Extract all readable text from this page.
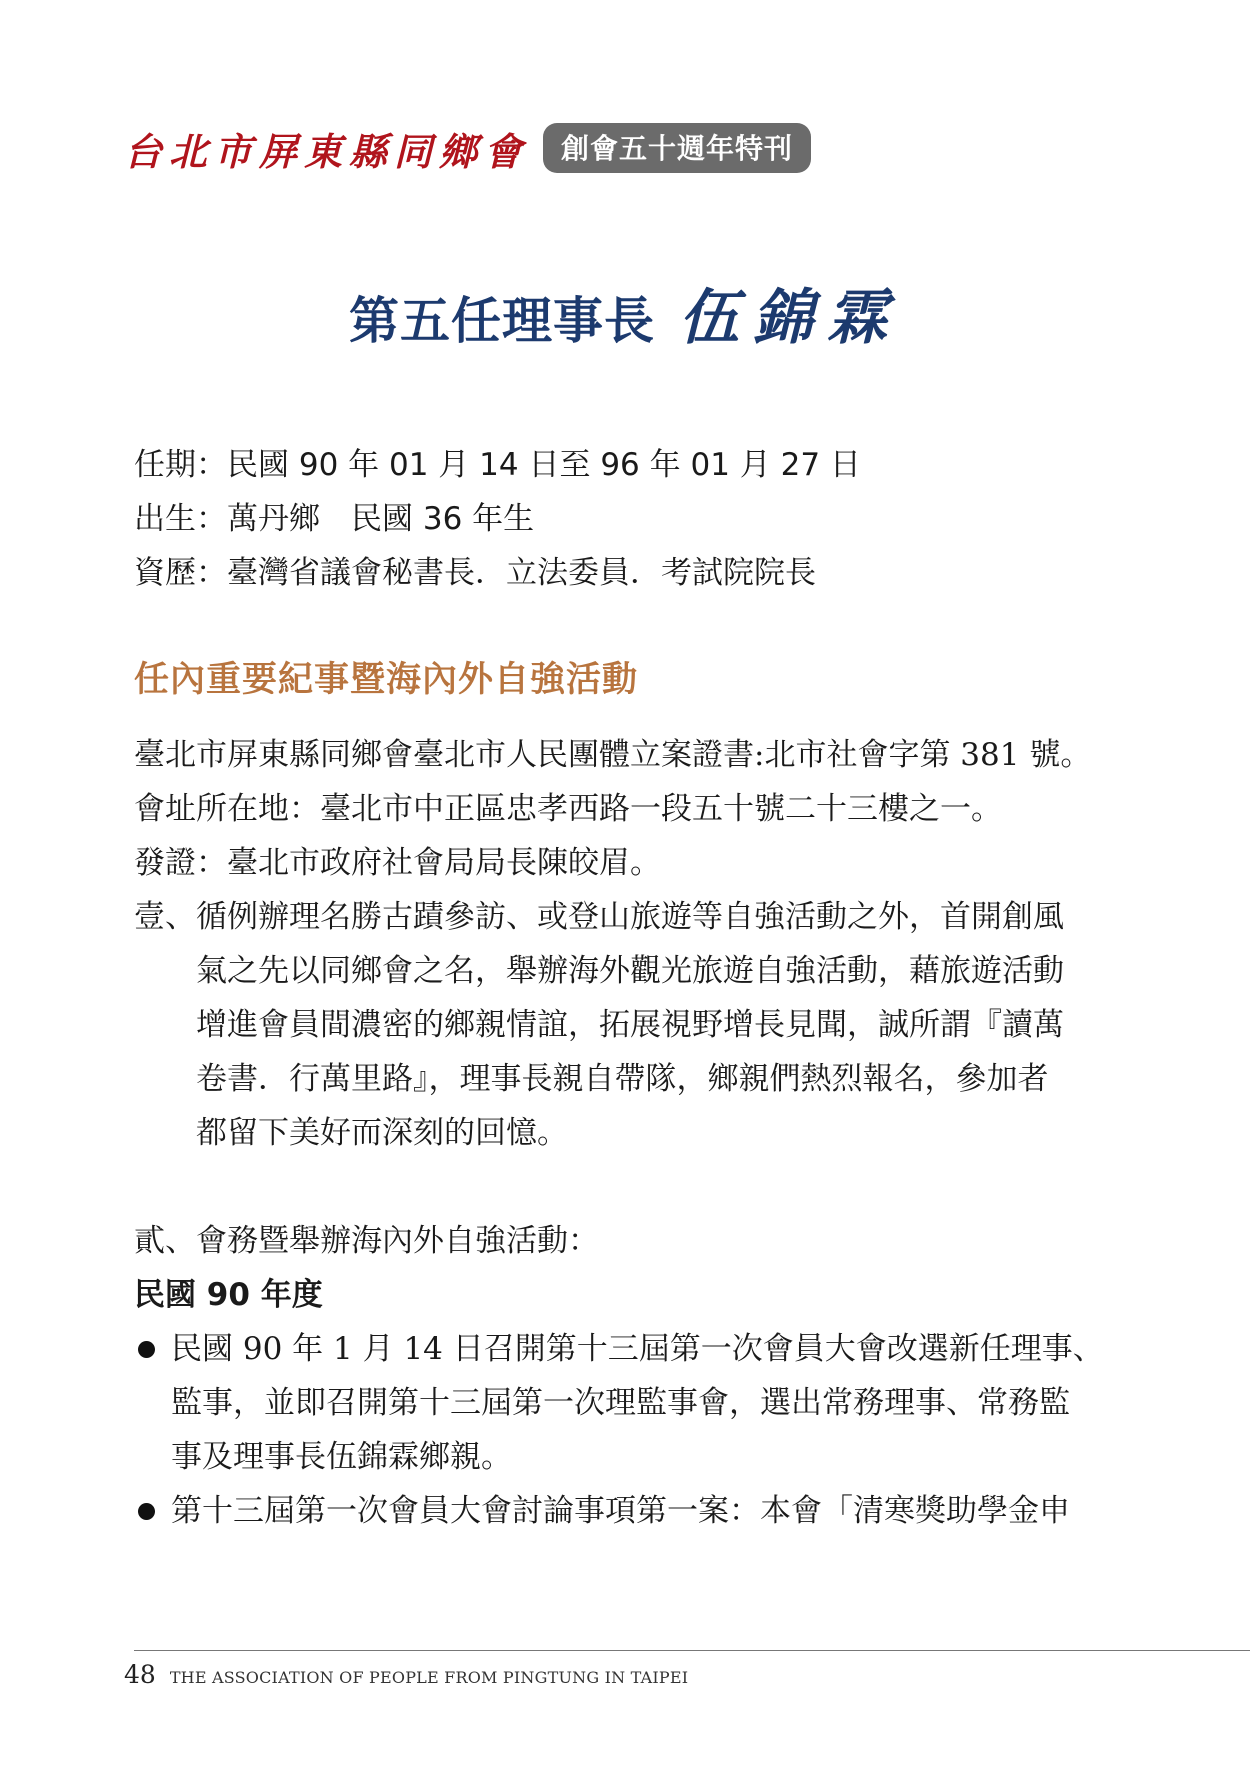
台北市屏東縣同鄉會	創會五十週年特刊
第五任理事長 伍錦霖
任期：民國 90 年 01 月 14 日至 96 年 01 月 27 日
出生：萬丹鄉　民國 36 年生
資歷：臺灣省議會秘書長．立法委員．考試院院長
任內重要紀事暨海內外自強活動
臺北市屏東縣同鄉會臺北市人民團體立案證書:北市社會字第 381 號。
會址所在地：臺北市中正區忠孝西路一段五十號二十三樓之一。
發證：臺北市政府社會局局長陳皎眉。
壹、循例辦理名勝古蹟參訪、或登山旅遊等自強活動之外，首開創風
氣之先以同鄉會之名，舉辦海外觀光旅遊自強活動，藉旅遊活動
增進會員間濃密的鄉親情誼，拓展視野增長見聞，誠所謂『讀萬
卷書．行萬里路』，理事長親自帶隊，鄉親們熱烈報名，參加者
都留下美好而深刻的回憶。
貳、會務暨舉辦海內外自強活動：
民國 90 年度
民國 90 年 1 月 14 日召開第十三屆第一次會員大會改選新任理事、
監事，並即召開第十三屆第一次理監事會，選出常務理事、常務監
事及理事長伍錦霖鄉親。
第十三屆第一次會員大會討論事項第一案：本會「清寒獎助學金申
48 THE ASSOCIATION OF PEOPLE FROM PINGTUNG IN TAIPEI
